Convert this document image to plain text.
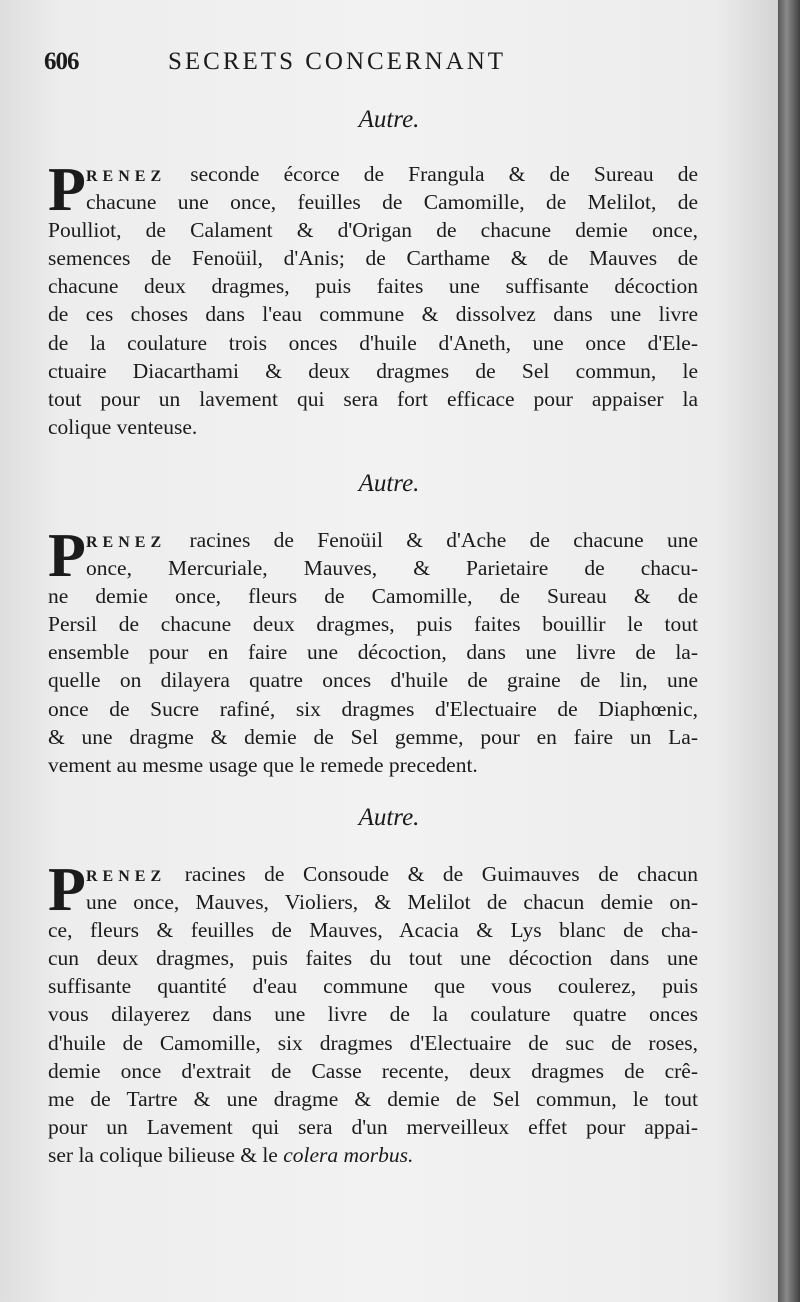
606	SECRETS CONCERNANT
Autre.
P RENEZ seconde écorce de Frangula & de Sureau de
chacune une once, feuilles de Camomille, de Melilot, de
Poulliot, de Calament & d'Origan de chacune demie once,
semences de Fenoüil, d'Anis; de Carthame & de Mauves de
chacune deux dragmes, puis faites une suffisante décoction
de ces choses dans l'eau commune & dissolvez dans une livre
de la coulature trois onces d'huile d'Aneth, une once d'Ele-
ctuaire Diacarthami & deux dragmes de Sel commun, le
tout pour un lavement qui sera fort efficace pour appaiser la
colique venteuse.
Autre.
P RENEZ racines de Fenoüil & d'Ache de chacune une
once, Mercuriale, Mauves, & Parietaire de chacu-
ne demie once, fleurs de Camomille, de Sureau & de
Persil de chacune deux dragmes, puis faites bouillir le tout
ensemble pour en faire une décoction, dans une livre de la-
quelle on dilayera quatre onces d'huile de graine de lin, une
once de Sucre rafiné, six dragmes d'Electuaire de Diaphœnic,
& une dragme & demie de Sel gemme, pour en faire un La-
vement au mesme usage que le remede precedent.
Autre.
P RENEZ racines de Consoude & de Guimauves de chacun
une once, Mauves, Violiers, & Melilot de chacun demie on-
ce, fleurs & feuilles de Mauves, Acacia & Lys blanc de cha-
cun deux dragmes, puis faites du tout une décoction dans une
suffisante quantité d'eau commune que vous coulerez, puis
vous dilayerez dans une livre de la coulature quatre onces
d'huile de Camomille, six dragmes d'Electuaire de suc de roses,
demie once d'extrait de Casse recente, deux dragmes de crê-
me de Tartre & une dragme & demie de Sel commun, le tout
pour un Lavement qui sera d'un merveilleux effet pour appai-
ser la colique bilieuse & le colera morbus.
